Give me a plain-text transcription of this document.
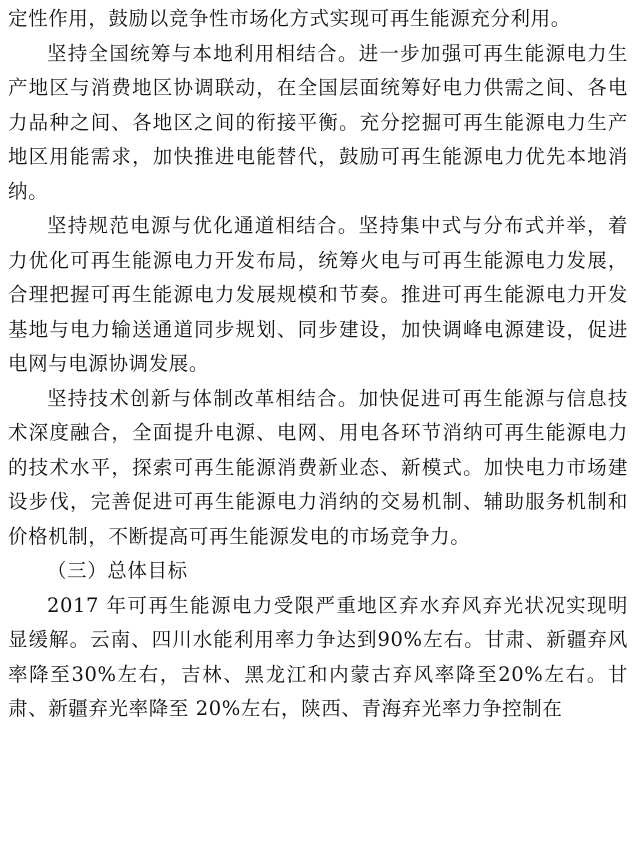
定性作用，鼓励以竞争性市场化方式实现可再生能源充分利用。

坚持全国统筹与本地利用相结合。进一步加强可再生能源电力生产地区与消费地区协调联动，在全国层面统筹好电力供需之间、各电力品种之间、各地区之间的衔接平衡。充分挖掘可再生能源电力生产地区用能需求，加快推进电能替代，鼓励可再生能源电力优先本地消纳。

坚持规范电源与优化通道相结合。坚持集中式与分布式并举，着力优化可再生能源电力开发布局，统筹火电与可再生能源电力发展，合理把握可再生能源电力发展规模和节奏。推进可再生能源电力开发基地与电力输送通道同步规划、同步建设，加快调峰电源建设，促进电网与电源协调发展。

坚持技术创新与体制改革相结合。加快促进可再生能源与信息技术深度融合，全面提升电源、电网、用电各环节消纳可再生能源电力的技术水平，探索可再生能源消费新业态、新模式。加快电力市场建设步伐，完善促进可再生能源电力消纳的交易机制、辅助服务机制和价格机制，不断提高可再生能源发电的市场竞争力。

（三）总体目标

2017 年可再生能源电力受限严重地区弃水弃风弃光状况实现明显缓解。云南、四川水能利用率力争达到90%左右。甘肃、新疆弃风率降至30%左右，吉林、黑龙江和内蒙古弃风率降至20%左右。甘肃、新疆弃光率降至 20%左右，陕西、青海弃光率力争控制在
